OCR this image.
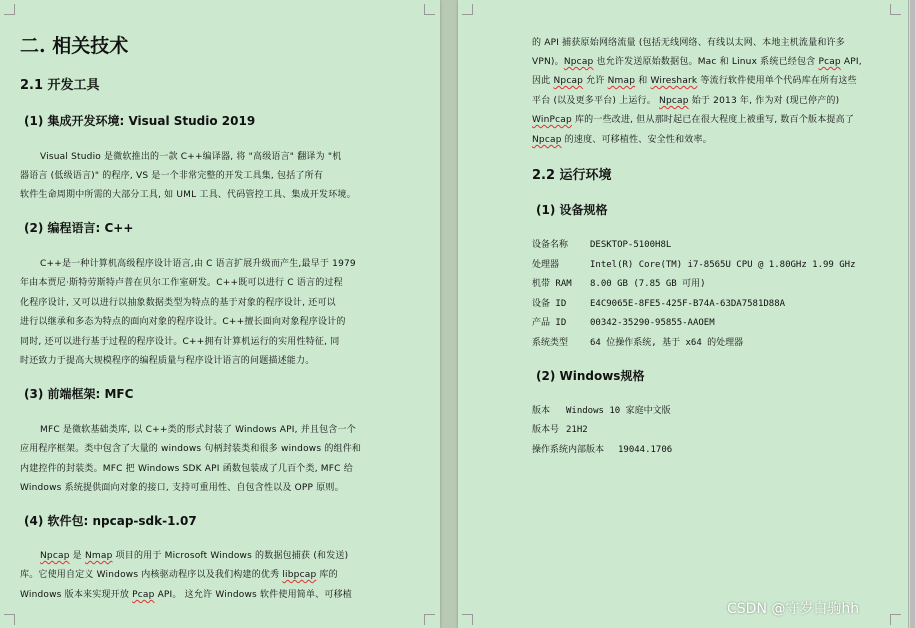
二. 相关技术
2.1 开发工具
(1) 集成开发环境: Visual Studio 2019
Visual Studio 是微软推出的一款 C++编译器, 将 "高级语言" 翻译为 "机
器语言 (低级语言)" 的程序, VS 是一个非常完整的开发工具集, 包括了所有
软件生命周期中所需的大部分工具, 如 UML 工具、代码管控工具、集成开发环境。
(2) 编程语言: C++
C++是一种计算机高级程序设计语言,由 C 语言扩展升级而产生,最早于 1979
年由本贾尼·斯特劳斯特卢普在贝尔工作室研发。C++既可以进行 C 语言的过程
化程序设计, 又可以进行以抽象数据类型为特点的基于对象的程序设计, 还可以
进行以继承和多态为特点的面向对象的程序设计。C++擅长面向对象程序设计的
同时, 还可以进行基于过程的程序设计。C++拥有计算机运行的实用性特征, 同
时还致力于提高大规模程序的编程质量与程序设计语言的问题描述能力。
(3) 前端框架: MFC
MFC 是微软基础类库, 以 C++类的形式封装了 Windows API, 并且包含一个
应用程序框架。类中包含了大量的 windows 句柄封装类和很多 windows 的组件和
内建控件的封装类。MFC 把 Windows SDK API 函数包装成了几百个类, MFC 给
Windows 系统提供面向对象的接口, 支持可重用性、自包含性以及 OPP 原则。
(4) 软件包: npcap-sdk-1.07
Npcap 是 Nmap 项目的用于 Microsoft Windows 的数据包捕获 (和发送)
库。它使用自定义 Windows 内核驱动程序以及我们构建的优秀 libpcap 库的
Windows 版本来实现开放 Pcap API。 这允许 Windows 软件使用简单、可移植
的 API 捕获原始网络流量 (包括无线网络、有线以太网、本地主机流量和许多
VPN)。Npcap 也允许发送原始数据包。Mac 和 Linux 系统已经包含 Pcap API,
因此 Npcap 允许 Nmap 和 Wireshark 等流行软件使用单个代码库在所有这些
平台 (以及更多平台) 上运行。 Npcap 始于 2013 年, 作为对 (现已停产的)
WinPcap 库的一些改进, 但从那时起已在很大程度上被重写, 数百个版本提高了
Npcap 的速度、可移植性、安全性和效率。
2.2 运行环境
(1) 设备规格
设备名称 DESKTOP-5100H8L
处理器	Intel(R) Core(TM) i7-8565U CPU @ 1.80GHz 1.99 GHz
机带 RAM 8.00 GB (7.85 GB 可用)
设备 ID	E4C9065E-8FE5-425F-B74A-63DA7581D88A
产品 ID	00342-35290-95855-AAOEM
系统类型 64 位操作系统, 基于 x64 的处理器
(2) Windows规格
版本 Windows 10 家庭中文版
版本号 21H2
操作系统内部版本 19044.1706
CSDN @守岁白驹hh
